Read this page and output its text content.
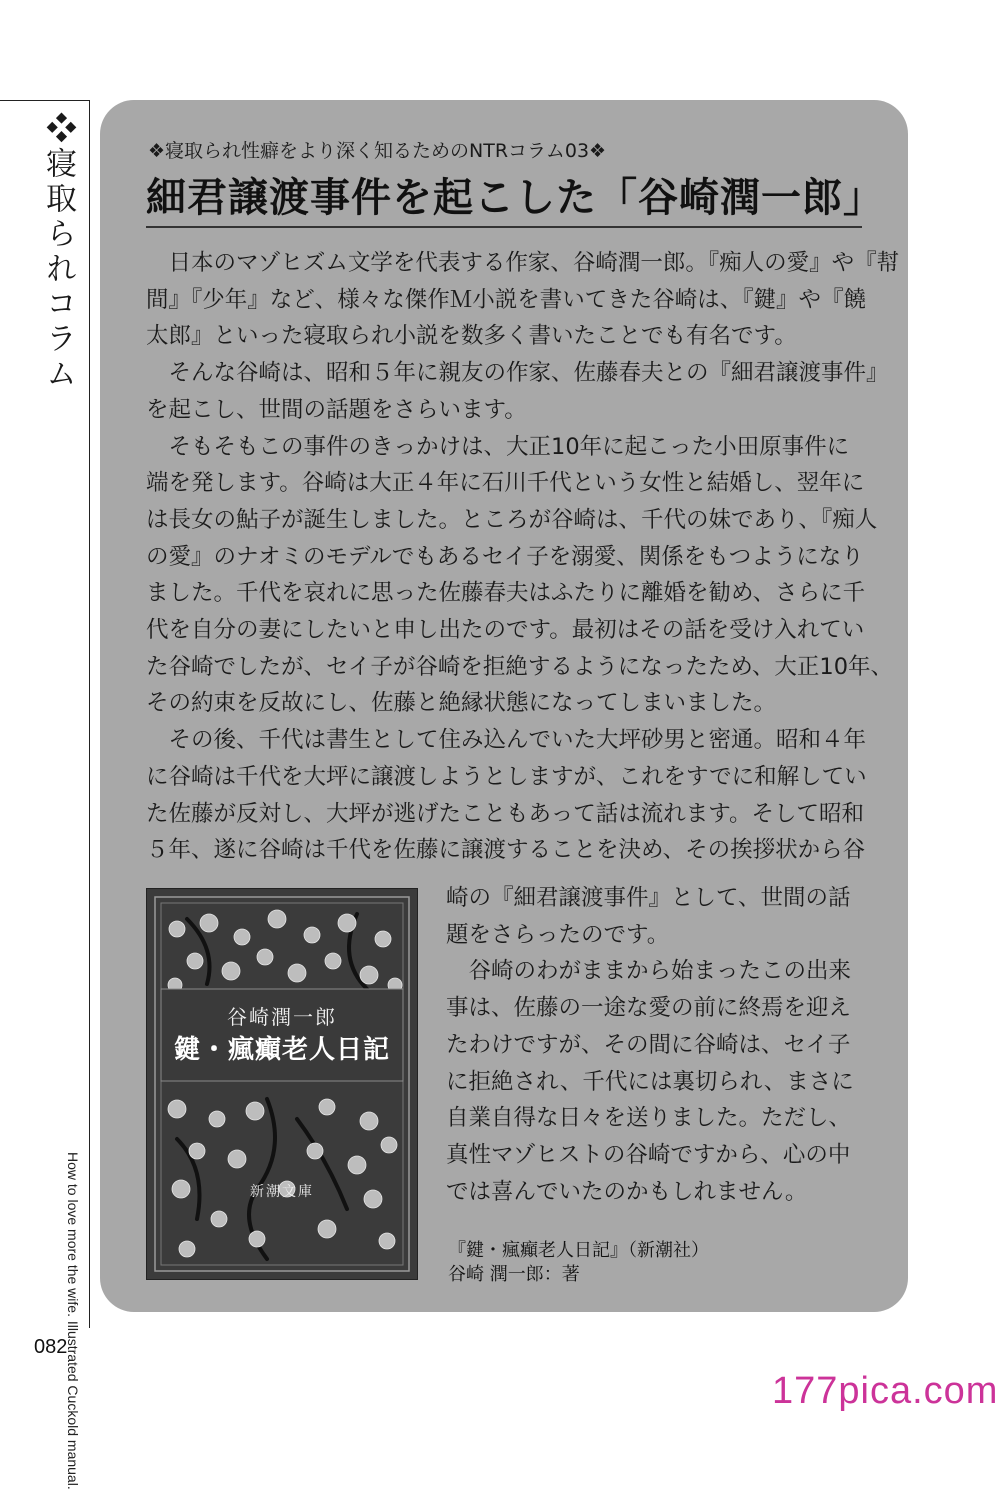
❖寝取られコラム
How to love more the wife. Illustrated Cuckold manual.
082
❖寝取られ性癖をより深く知るためのNTRコラム03❖
細君譲渡事件を起こした「谷崎潤一郎」
　日本のマゾヒズム文学を代表する作家、谷崎潤一郎。『痴人の愛』や『幇
間』『少年』など、様々な傑作Ｍ小説を書いてきた谷崎は、『鍵』や『饒
太郎』といった寝取られ小説を数多く書いたことでも有名です。
　そんな谷崎は、昭和５年に親友の作家、佐藤春夫との『細君譲渡事件』
を起こし、世間の話題をさらいます。
　そもそもこの事件のきっかけは、大正10年に起こった小田原事件に
端を発します。谷崎は大正４年に石川千代という女性と結婚し、翌年に
は長女の鮎子が誕生しました。ところが谷崎は、千代の妹であり、『痴人
の愛』のナオミのモデルでもあるセイ子を溺愛、関係をもつようになり
ました。千代を哀れに思った佐藤春夫はふたりに離婚を勧め、さらに千
代を自分の妻にしたいと申し出たのです。最初はその話を受け入れてい
た谷崎でしたが、セイ子が谷崎を拒絶するようになったため、大正10年、
その約束を反故にし、佐藤と絶縁状態になってしまいました。
　その後、千代は書生として住み込んでいた大坪砂男と密通。昭和４年
に谷崎は千代を大坪に譲渡しようとしますが、これをすでに和解してい
た佐藤が反対し、大坪が逃げたこともあって話は流れます。そして昭和
５年、遂に谷崎は千代を佐藤に譲渡することを決め、その挨拶状から谷
崎の『細君譲渡事件』として、世間の話
題をさらったのです。
　谷崎のわがままから始まったこの出来
事は、佐藤の一途な愛の前に終焉を迎え
たわけですが、その間に谷崎は、セイ子
に拒絶され、千代には裏切られ、まさに
自業自得な日々を送りました。ただし、
真性マゾヒストの谷崎ですから、心の中
では喜んでいたのかもしれません。
谷崎潤一郎
鍵・瘋癲老人日記
新潮文庫
『鍵・瘋癲老人日記』（新潮社）
谷崎 潤一郎：著
177pica.com
